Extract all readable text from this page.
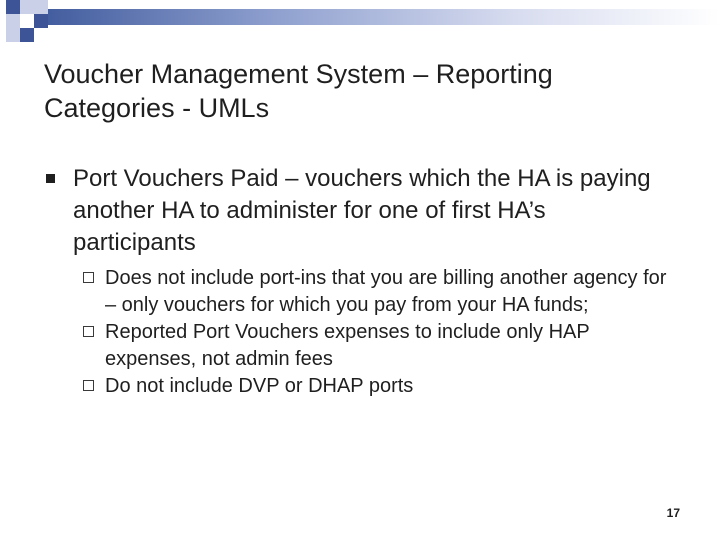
Voucher Management System – Reporting Categories - UMLs
Port Vouchers Paid – vouchers which the HA is paying another HA to administer for one of first HA’s participants
Does not include port-ins that you are billing another agency for – only vouchers for which you pay from your HA funds;
Reported Port Vouchers expenses to include only HAP expenses, not admin fees
Do not include DVP or DHAP ports
17
